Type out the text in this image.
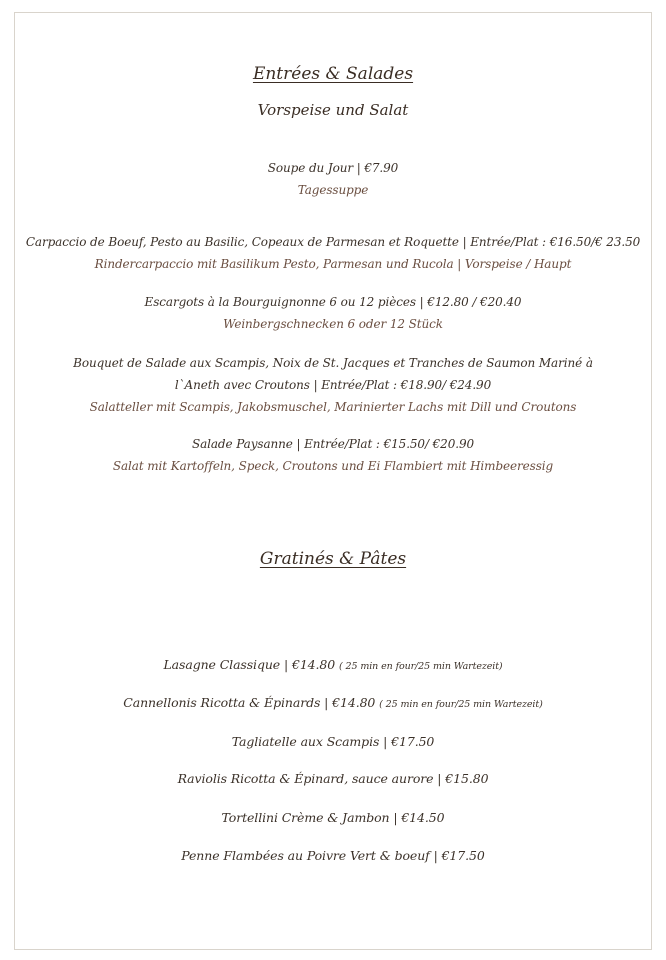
Entrées & Salades
Vorspeise und Salat
Soupe du Jour | €7.90
Tagessuppe
Carpaccio de Boeuf, Pesto au Basilic, Copeaux de Parmesan et Roquette | Entrée/Plat : €16.50/€ 23.50
Rindercarpaccio mit Basilikum Pesto, Parmesan und Rucola | Vorspeise / Haupt
Escargots à la Bourguignonne 6 ou 12 pièces | €12.80 / €20.40
Weinbergschnecken 6 oder 12 Stück
Bouquet de Salade aux Scampis, Noix de St. Jacques et Tranches de Saumon Mariné à
l`Aneth avec Croutons | Entrée/Plat : €18.90/ €24.90
Salatteller mit Scampis, Jakobsmuschel, Marinierter Lachs mit Dill und Croutons
Salade Paysanne | Entrée/Plat : €15.50/ €20.90
Salat mit Kartoffeln, Speck, Croutons und Ei Flambiert mit Himbeeressig
Gratinés & Pâtes
Lasagne Classique | €14.80 ( 25 min en four/25 min Wartezeit)
Cannellonis Ricotta & Épinards | €14.80 ( 25 min en four/25 min Wartezeit)
Tagliatelle aux Scampis | €17.50
Raviolis Ricotta & Épinard, sauce aurore | €15.80
Tortellini Crème & Jambon | €14.50
Penne Flambées au Poivre Vert & boeuf | €17.50
